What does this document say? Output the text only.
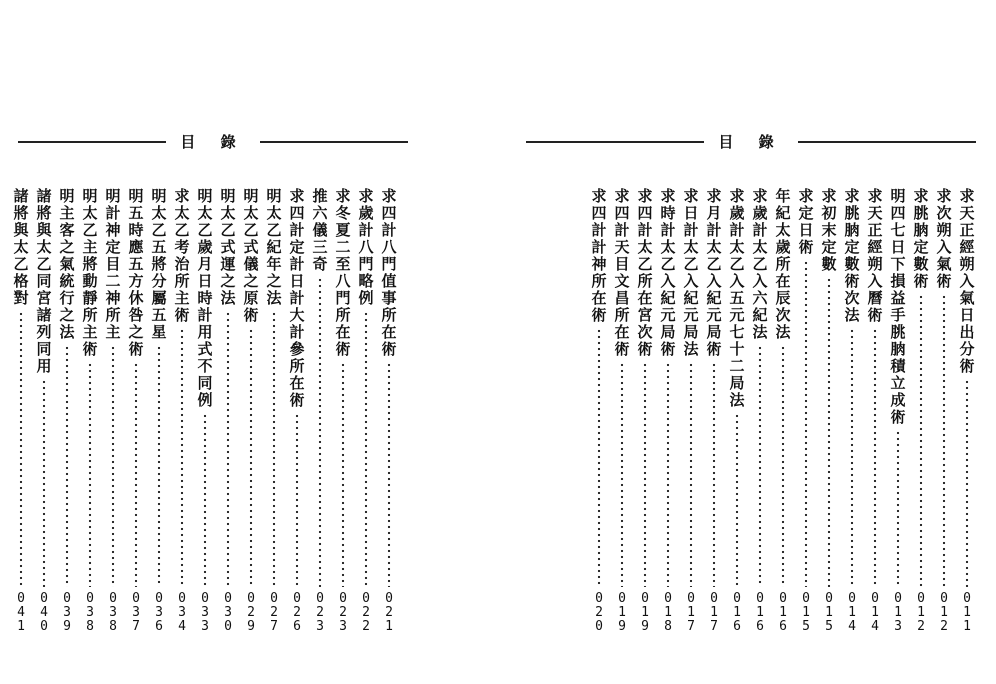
目 錄
求四計八門值事所在術
021
求歲計八門略例
022
求冬夏二至八門所在術
023
推六儀三奇
023
求四計定計日計大計參所在術
026
明太乙紀年之法
027
明太乙式儀之原術
029
明太乙式運之法
030
明太乙歲月日時計用式不同例
033
求太乙考治所主術
034
明太乙五將分屬五星
036
明五時應五方休咎之術
037
明計神定目二神所主
038
明太乙主將動靜所主術
038
明主客之氣統行之法
039
諸將與太乙同宮諸列同用
040
諸將與太乙格對
041
目 錄
求天正經朔入氣日出分術
011
求次朔入氣術
012
求朓朒定數術
012
明四七日下損益手朓朒積立成術
013
求天正經朔入曆術
014
求朓朒定數術次法
014
求初末定數
015
求定日術
015
年紀太歲所在辰次法
016
求歲計太乙入六紀法
016
求歲計太乙入五元七十二局法
016
求月計太乙入紀元局術
017
求日計太乙入紀元局法
017
求時計太乙入紀元局術
018
求四計太乙所在宮次術
019
求四計天目文昌所在術
019
求四計計神所在術
020
